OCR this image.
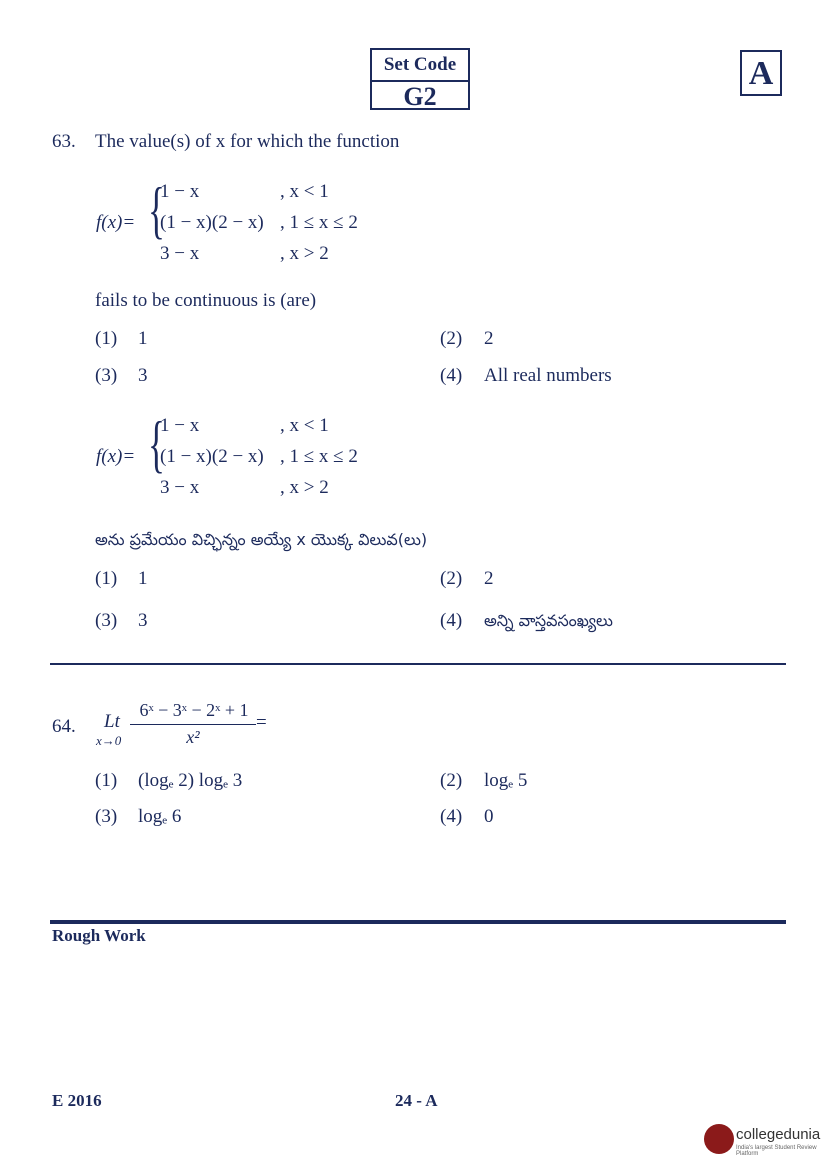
Set Code
G2
A
63. The value(s) of x for which the function
f(x)= {
1 − x	, x < 1
(1 − x)(2 − x) , 1 ≤ x ≤ 2
3 − x	, x > 2
fails to be continuous is (are)
(1) 1	(2) 2
(3) 3	(4) All real numbers
f(x)= {
1 − x	, x < 1
(1 − x)(2 − x) , 1 ≤ x ≤ 2
3 − x	, x > 2
అను ప్రమేయం విచ్ఛిన్నం అయ్యే x యొక్క విలువ(లు)
(1) 1	(2) 2
(3) 3	(4) అన్ని వాస్తవసంఖ్యలు
64. Lt
x→0
6ˣ − 3ˣ − 2ˣ + 1
x²
=
(1) (logₑ 2) logₑ 3	(2) logₑ 5
(3) logₑ 6	(4) 0
Rough Work
E 2016	24 - A
collegedunia
India's largest Student Review Platform
